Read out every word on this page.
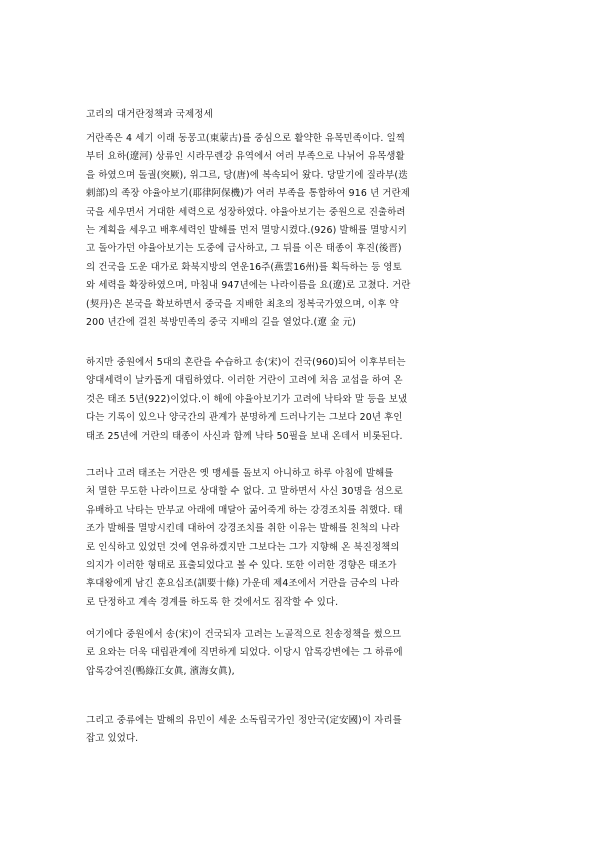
고리의 대거란정책과 국제정세
거란족은 4 세기 이래 동몽고(東蒙古)를 중심으로 활약한 유목민족이다. 일찍
부터 요하(遼河) 상류인 시라무렌강 유역에서 여러 부족으로 나뉘어 유목생활
을 하였으며 돌궐(突厥), 위그르, 당(唐)에 복속되어 왔다. 당말기에 질라부(迭
剌部)의 족장 야율아보기(耶律阿保機)가 여러 부족을 통합하여 916 년 거란제
국을 세우면서 거대한 세력으로 성장하였다. 야율아보기는 중원으로 진출하려
는 계획을 세우고 배후세력인 발해를 먼저 멸망시켰다.(926) 발해를 멸망시키
고 돌아가던 야율아보기는 도중에 급사하고, 그 뒤를 이은 태종이 후진(後晋)
의 건국을 도운 대가로 화북지방의 연운16주(燕雲16州)를 획득하는 등 영토
와 세력을 확장하였으며, 마침내 947년에는 나라이름을 요(遼)로 고쳤다. 거란
(契丹)은 본국을 확보하면서 중국을 지배한 최초의 정복국가였으며, 이후 약
200 년간에 걸친 북방민족의 중국 지배의 길을 열었다.(遼 金 元)
하지만 중원에서 5대의 혼란을 수습하고 송(宋)이 건국(960)되어 이후부터는
양대세력이 날카롭게 대립하였다. 이러한 거란이 고려에 처음 교섭을 하여 온
것은 태조 5년(922)이었다.이 해에 야율아보기가 고려에 낙타와 말 등을 보냈
다는 기록이 있으나 양국간의 관계가 분명하게 드러나기는 그보다 20년 후인
태조 25년에 거란의 태종이 사신과 함께 낙타 50필을 보내 온데서 비롯된다.
그러나 고려 태조는 거란은 옛 맹세를 돌보지 아니하고 하루 아침에 발해를
처 멸한 무도한 나라이므로 상대할 수 없다. 고 말하면서 사신 30명을 섬으로
유배하고 낙타는 만부교 아래에 매달아 굶어죽게 하는 강경조치를 취했다. 태
조가 발해를 멸망시킨데 대하여 강경조치를 취한 이유는 발해를 친척의 나라
로 인식하고 있었던 것에 연유하겠지만 그보다는 그가 지향해 온 북진정책의
의지가 이러한 형태로 표출되었다고 볼 수 있다. 또한 이러한 경향은 태조가
후대왕에게 남긴 훈요십조(訓要十條) 가운데 제4조에서 거란을 금수의 나라
로 단정하고 계속 경계를 하도록 한 것에서도 짐작할 수 있다.
여기에다 중원에서 송(宋)이 건국되자 고려는 노골적으로 친송정책을 썼으므
로 요와는 더욱 대립관계에 직면하게 되었다. 이당시 압록강변에는 그 하류에
압록강여진(鴨綠江女眞, 濱海女眞),
그리고 중류에는 발해의 유민이 세운 소독립국가인 정안국(定安國)이 자리를
잡고 있었다.
